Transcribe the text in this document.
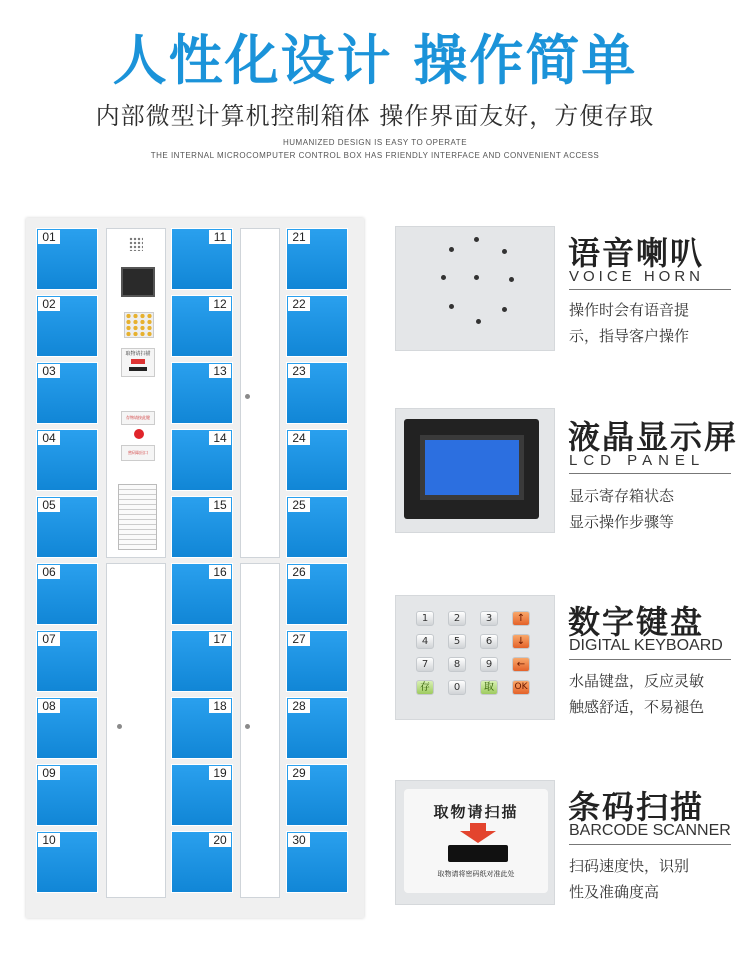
人性化设计 操作简单
内部微型计算机控制箱体 操作界面友好，方便存取
HUMANIZED DESIGN IS EASY TO OPERATE
THE INTERNAL MICROCOMPUTER CONTROL BOX HAS FRIENDLY INTERFACE AND CONVENIENT ACCESS
01
02
03
04
05
06
07
08
09
10
取物请扫描
存物请按此键
密码取出口
11
12
13
14
15
16
17
18
19
20
21
22
23
24
25
26
27
28
29
30
语音喇叭
VOICE HORN
操作时会有语音提
示，指导客户操作
液晶显示屏
LCD PANEL
显示寄存箱状态
显示操作步骤等
1	2	3	↑
4	5	6	↓
7	8	9	←
存	0	取	OK
数字键盘
DIGITAL KEYBOARD
水晶键盘，反应灵敏
触感舒适，不易褪色
取物请扫描
取物请将密码纸对准此处
条码扫描
BARCODE SCANNER
扫码速度快，识别
性及准确度高
